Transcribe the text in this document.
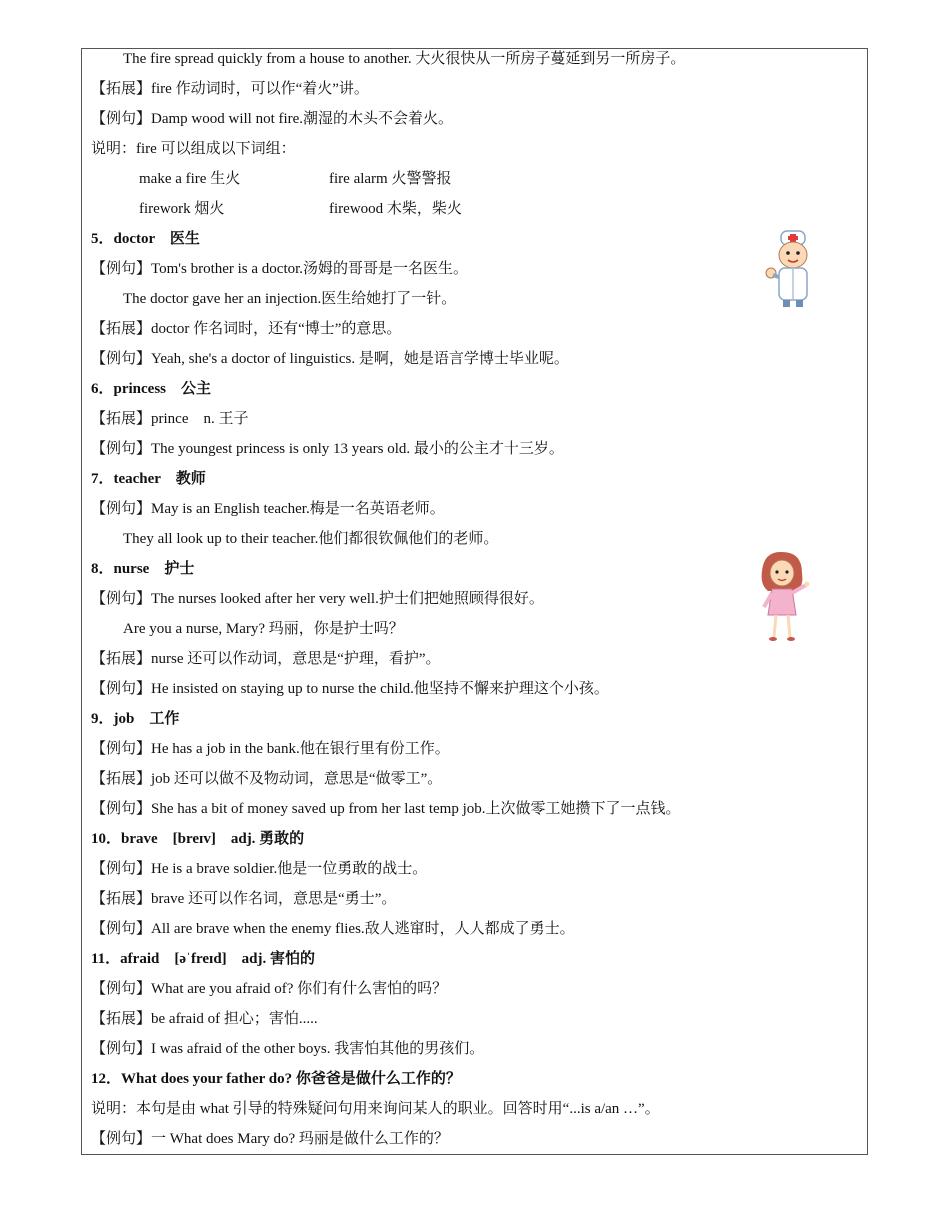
The fire spread quickly from a house to another. 大火很快从一所房子蔓延到另一所房子。
【拓展】fire 作动词时，可以作“着火”讲。
【例句】Damp wood will not fire.潮湿的木头不会着火。
说明：fire 可以组成以下词组：
make a fire 生火	fire alarm 火警警报
firework 烟火	firewood 木柴，柴火
5．doctor　医生
【例句】Tom's brother is a doctor.汤姆的哥哥是一名医生。
The doctor gave her an injection.医生给她打了一针。
【拓展】doctor 作名词时，还有“博士”的意思。
【例句】Yeah, she's a doctor of linguistics. 是啊，她是语言学博士毕业呢。
6．princess　公主
【拓展】prince　n. 王子
【例句】The youngest princess is only 13 years old. 最小的公主才十三岁。
7．teacher　教师
【例句】May is an English teacher.梅是一名英语老师。
They all look up to their teacher.他们都很钦佩他们的老师。
8．nurse　护士
【例句】The nurses looked after her very well.护士们把她照顾得很好。
Are you a nurse, Mary? 玛丽，你是护士吗？
【拓展】nurse 还可以作动词，意思是“护理，看护”。
【例句】He insisted on staying up to nurse the child.他坚持不懈来护理这个小孩。
9．job　工作
【例句】He has a job in the bank.他在银行里有份工作。
【拓展】job 还可以做不及物动词，意思是“做零工”。
【例句】She has a bit of money saved up from her last temp job.上次做零工她攒下了一点钱。
10．brave　[breɪv]　adj. 勇敢的
【例句】He is a brave soldier.他是一位勇敢的战士。
【拓展】brave 还可以作名词，意思是“勇士”。
【例句】All are brave when the enemy flies.敌人逃窜时，人人都成了勇士。
11．afraid　[əˈfreɪd]　adj. 害怕的
【例句】What are you afraid of? 你们有什么害怕的吗？
【拓展】be afraid of 担心；害怕.....
【例句】I was afraid of the other boys. 我害怕其他的男孩们。
12．What does your father do? 你爸爸是做什么工作的？
说明：本句是由 what 引导的特殊疑问句用来询问某人的职业。回答时用“...is a/an …”。
【例句】一 What does Mary do? 玛丽是做什么工作的？
